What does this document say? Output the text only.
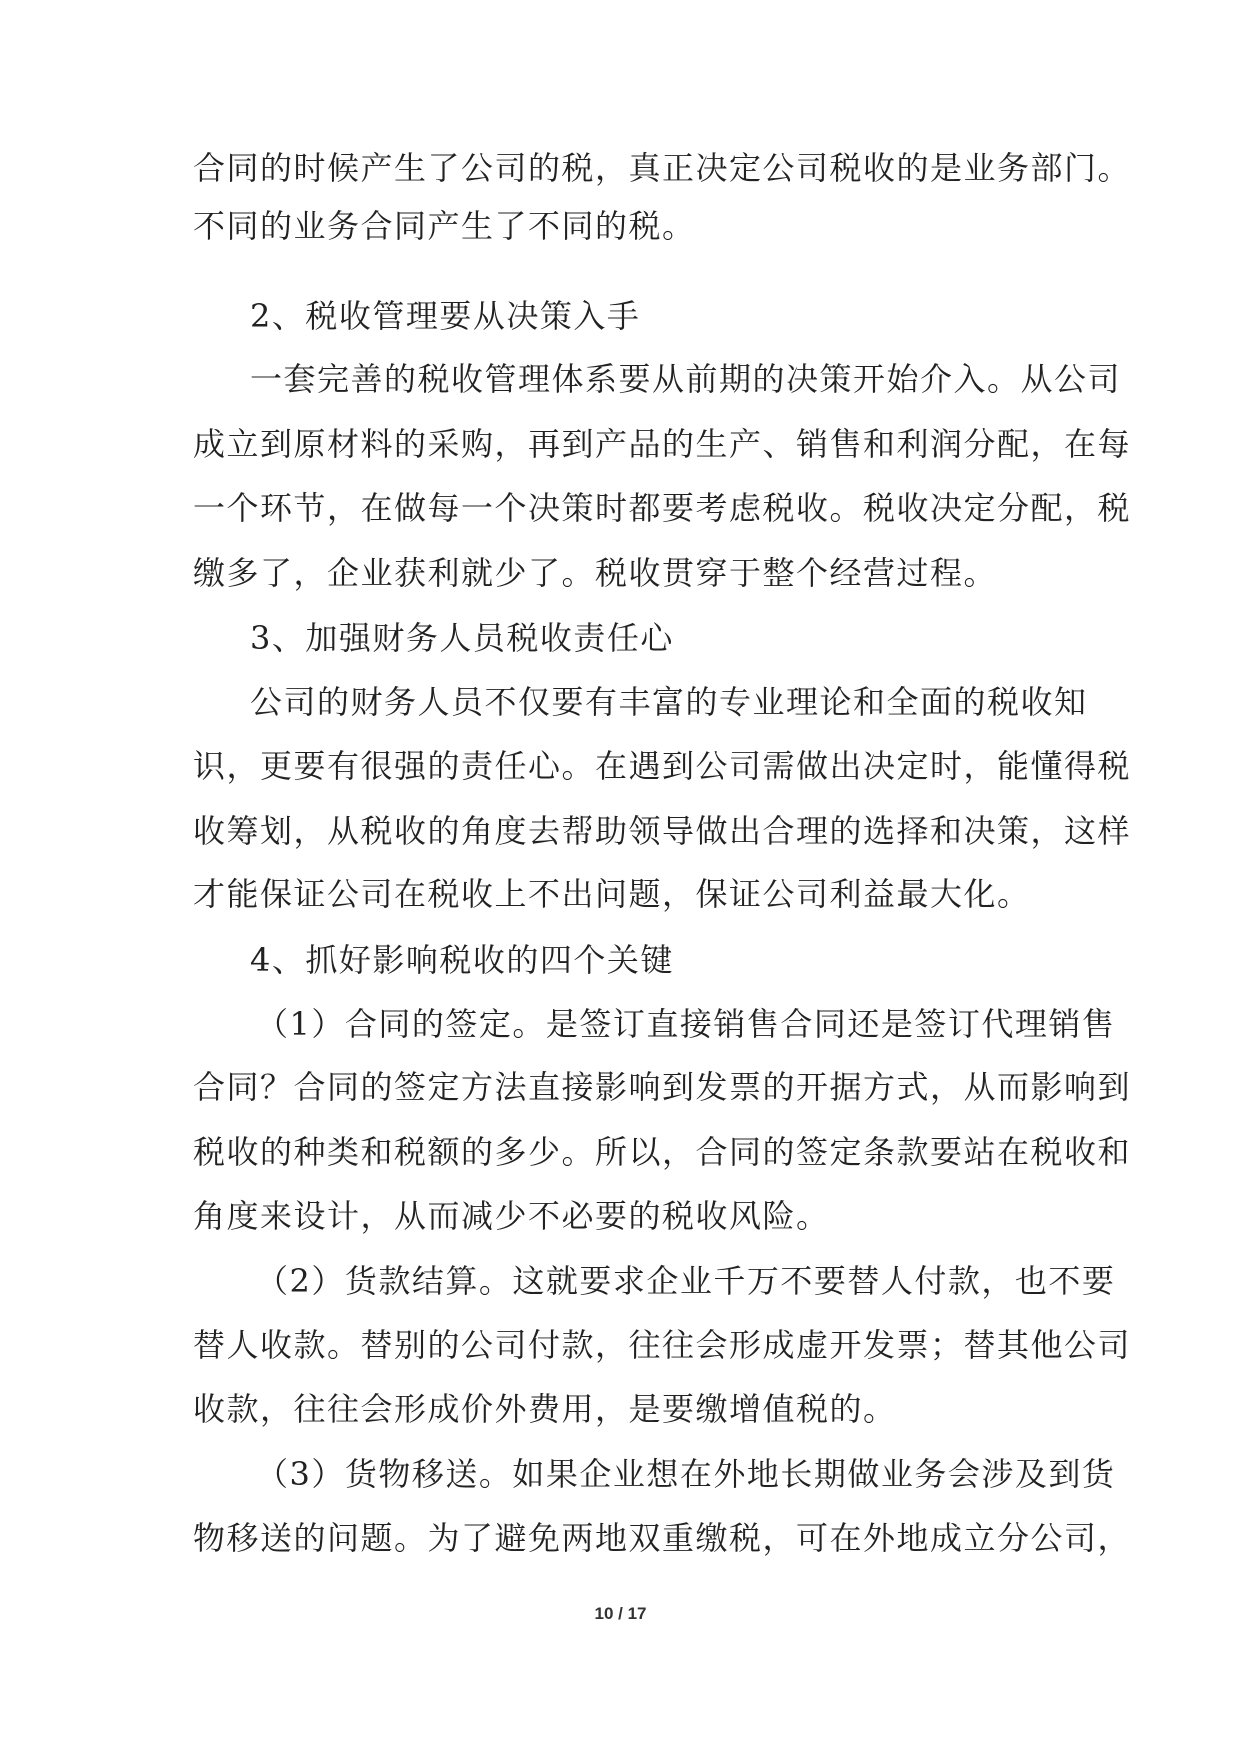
合同的时候产生了公司的税，真正决定公司税收的是业务部门。
不同的业务合同产生了不同的税。
2、税收管理要从决策入手
一套完善的税收管理体系要从前期的决策开始介入。从公司
成立到原材料的采购，再到产品的生产、销售和利润分配，在每
一个环节，在做每一个决策时都要考虑税收。税收决定分配，税
缴多了，企业获利就少了。税收贯穿于整个经营过程。
3、加强财务人员税收责任心
公司的财务人员不仅要有丰富的专业理论和全面的税收知
识，更要有很强的责任心。在遇到公司需做出决定时，能懂得税
收筹划，从税收的角度去帮助领导做出合理的选择和决策，这样
才能保证公司在税收上不出问题，保证公司利益最大化。
4、抓好影响税收的四个关键
（1）合同的签定。是签订直接销售合同还是签订代理销售
合同？合同的签定方法直接影响到发票的开据方式，从而影响到
税收的种类和税额的多少。所以，合同的签定条款要站在税收和
角度来设计，从而减少不必要的税收风险。
（2）货款结算。这就要求企业千万不要替人付款，也不要
替人收款。替别的公司付款，往往会形成虚开发票；替其他公司
收款，往往会形成价外费用，是要缴增值税的。
（3）货物移送。如果企业想在外地长期做业务会涉及到货
物移送的问题。为了避免两地双重缴税，可在外地成立分公司，
10 / 17
